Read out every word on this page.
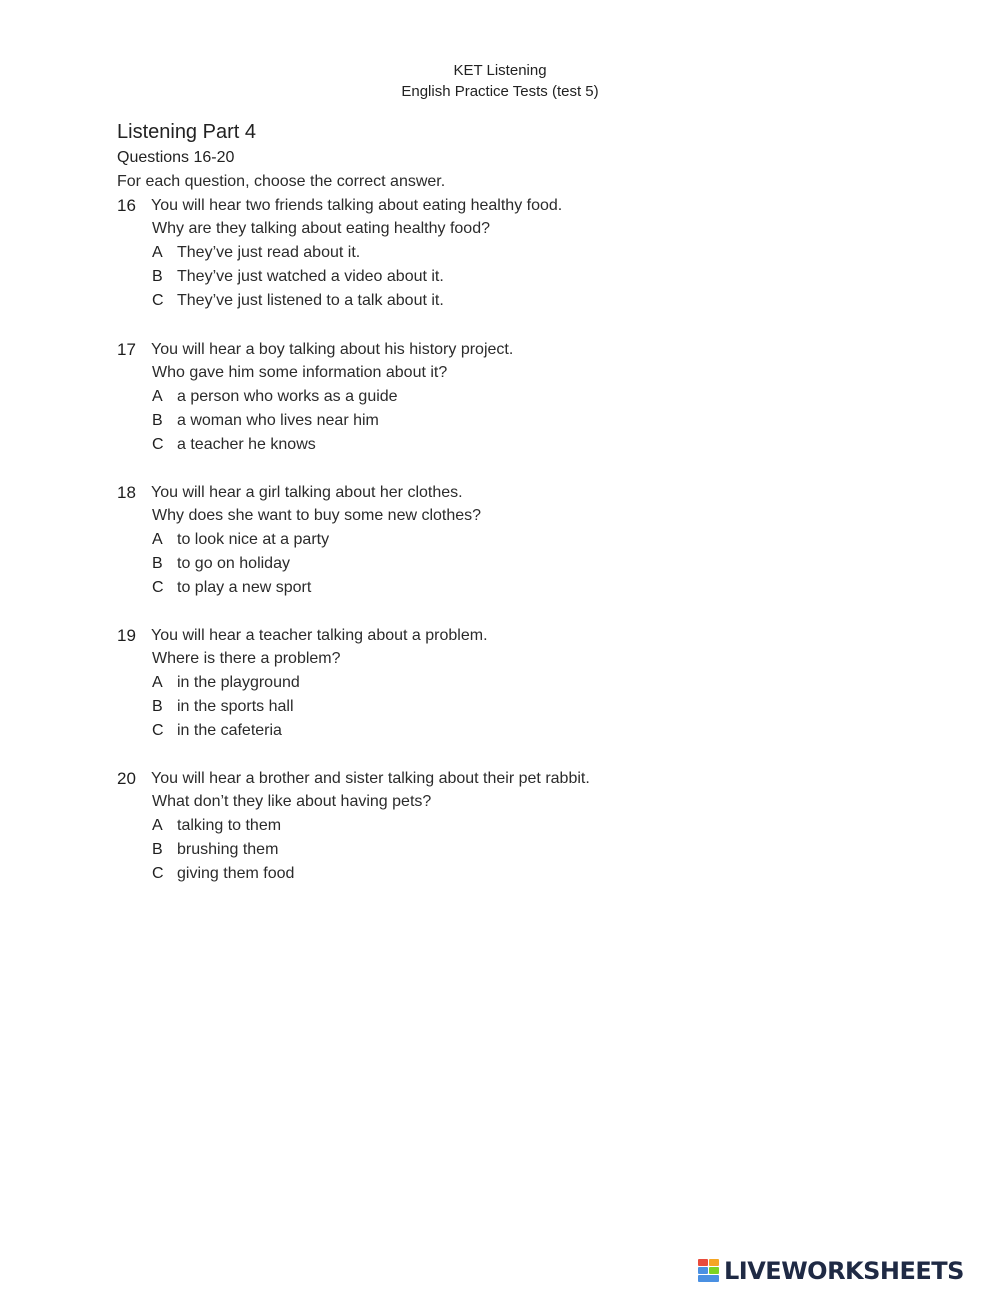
KET Listening
English Practice Tests (test 5)
Listening Part 4
Questions 16-20
For each question, choose the correct answer.
16 You will hear two friends talking about eating healthy food.
Why are they talking about eating healthy food?
A They’ve just read about it.
B They’ve just watched a video about it.
C They’ve just listened to a talk about it.
17 You will hear a boy talking about his history project.
Who gave him some information about it?
A a person who works as a guide
B a woman who lives near him
C a teacher he knows
18 You will hear a girl talking about her clothes.
Why does she want to buy some new clothes?
A to look nice at a party
B to go on holiday
C to play a new sport
19 You will hear a teacher talking about a problem.
Where is there a problem?
A in the playground
B in the sports hall
C in the cafeteria
20 You will hear a brother and sister talking about their pet rabbit.
What don’t they like about having pets?
A talking to them
B brushing them
C giving them food
LIVEWORKSHEETS
